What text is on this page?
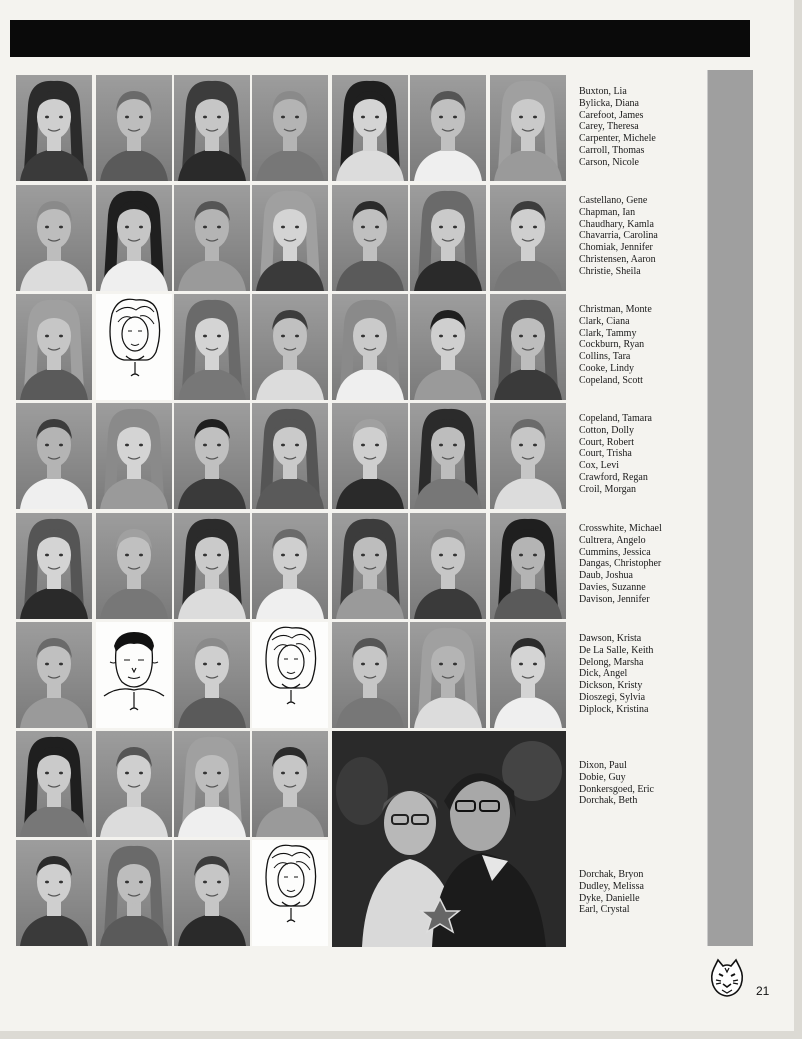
Buxton, Lia
Bylicka, Diana
Carefoot, James
Carey, Theresa
Carpenter, Michele
Carroll, Thomas
Carson, Nicole
Castellano, Gene
Chapman, Ian
Chaudhary, Kamla
Chavarria, Carolina
Chomiak, Jennifer
Christensen, Aaron
Christie, Sheila
Christman, Monte
Clark, Ciana
Clark, Tammy
Cockburn, Ryan
Collins, Tara
Cooke, Lindy
Copeland, Scott
Copeland, Tamara
Cotton, Dolly
Court, Robert
Court, Trisha
Cox, Levi
Crawford, Regan
Croil, Morgan
Crosswhite, Michael
Cultrera, Angelo
Cummins, Jessica
Dangas, Christopher
Daub, Joshua
Davies, Suzanne
Davison, Jennifer
Dawson, Krista
De La Salle, Keith
Delong, Marsha
Dick, Angel
Dickson, Kristy
Dioszegi, Sylvia
Diplock, Kristina
Dixon, Paul
Dobie, Guy
Donkersgoed, Eric
Dorchak, Beth
Dorchak, Bryon
Dudley, Melissa
Dyke, Danielle
Earl, Crystal
21
